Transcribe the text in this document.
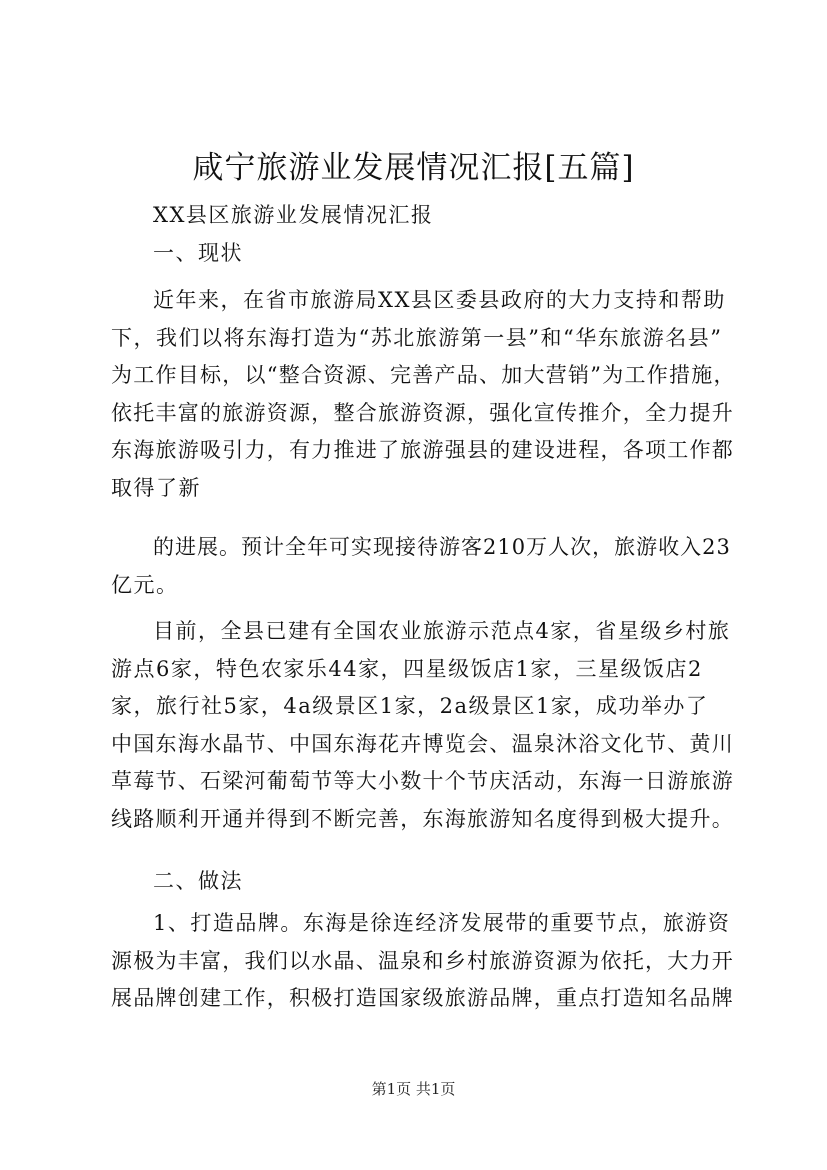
咸宁旅游业发展情况汇报[五篇]
XX县区旅游业发展情况汇报
一、现状
近年来，在省市旅游局XX县区委县政府的大力支持和帮助
下，我们以将东海打造为“苏北旅游第一县”和“华东旅游名县”
为工作目标，以“整合资源、完善产品、加大营销”为工作措施，
依托丰富的旅游资源，整合旅游资源，强化宣传推介，全力提升
东海旅游吸引力，有力推进了旅游强县的建设进程，各项工作都
取得了新
的进展。预计全年可实现接待游客210万人次，旅游收入23
亿元。
目前，全县已建有全国农业旅游示范点4家，省星级乡村旅
游点6家，特色农家乐44家，四星级饭店1家，三星级饭店2
家，旅行社5家，4a级景区1家，2a级景区1家，成功举办了
中国东海水晶节、中国东海花卉博览会、温泉沐浴文化节、黄川
草莓节、石梁河葡萄节等大小数十个节庆活动，东海一日游旅游
线路顺利开通并得到不断完善，东海旅游知名度得到极大提升。
二、做法
1、打造品牌。东海是徐连经济发展带的重要节点，旅游资
源极为丰富，我们以水晶、温泉和乡村旅游资源为依托，大力开
展品牌创建工作，积极打造国家级旅游品牌，重点打造知名品牌
第1页 共1页
